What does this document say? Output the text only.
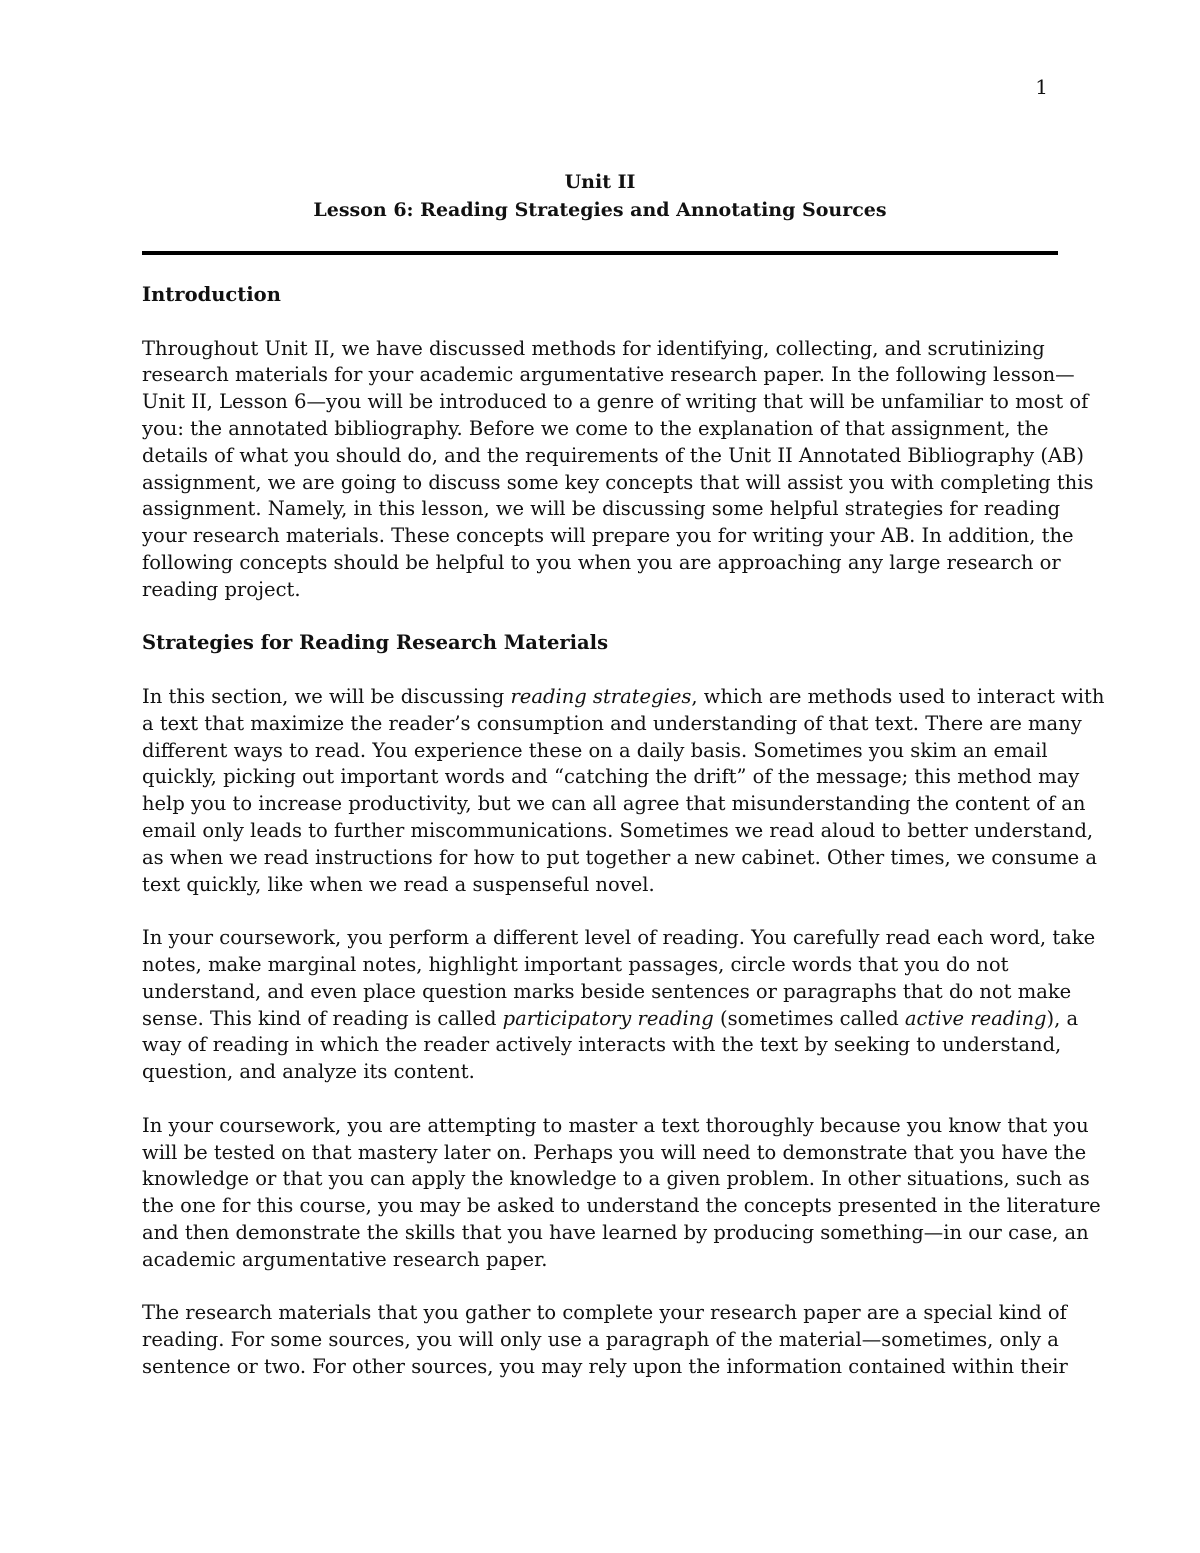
1
Unit II
Lesson 6: Reading Strategies and Annotating Sources
Introduction
Throughout Unit II, we have discussed methods for identifying, collecting, and scrutinizing
research materials for your academic argumentative research paper. In the following lesson—
Unit II, Lesson 6—you will be introduced to a genre of writing that will be unfamiliar to most of
you: the annotated bibliography. Before we come to the explanation of that assignment, the
details of what you should do, and the requirements of the Unit II Annotated Bibliography (AB)
assignment, we are going to discuss some key concepts that will assist you with completing this
assignment. Namely, in this lesson, we will be discussing some helpful strategies for reading
your research materials. These concepts will prepare you for writing your AB. In addition, the
following concepts should be helpful to you when you are approaching any large research or
reading project.
Strategies for Reading Research Materials
In this section, we will be discussing reading strategies, which are methods used to interact with
a text that maximize the reader’s consumption and understanding of that text. There are many
different ways to read. You experience these on a daily basis. Sometimes you skim an email
quickly, picking out important words and “catching the drift” of the message; this method may
help you to increase productivity, but we can all agree that misunderstanding the content of an
email only leads to further miscommunications. Sometimes we read aloud to better understand,
as when we read instructions for how to put together a new cabinet. Other times, we consume a
text quickly, like when we read a suspenseful novel.
In your coursework, you perform a different level of reading. You carefully read each word, take
notes, make marginal notes, highlight important passages, circle words that you do not
understand, and even place question marks beside sentences or paragraphs that do not make
sense. This kind of reading is called participatory reading (sometimes called active reading), a
way of reading in which the reader actively interacts with the text by seeking to understand,
question, and analyze its content.
In your coursework, you are attempting to master a text thoroughly because you know that you
will be tested on that mastery later on. Perhaps you will need to demonstrate that you have the
knowledge or that you can apply the knowledge to a given problem. In other situations, such as
the one for this course, you may be asked to understand the concepts presented in the literature
and then demonstrate the skills that you have learned by producing something—in our case, an
academic argumentative research paper.
The research materials that you gather to complete your research paper are a special kind of
reading. For some sources, you will only use a paragraph of the material—sometimes, only a
sentence or two. For other sources, you may rely upon the information contained within their
